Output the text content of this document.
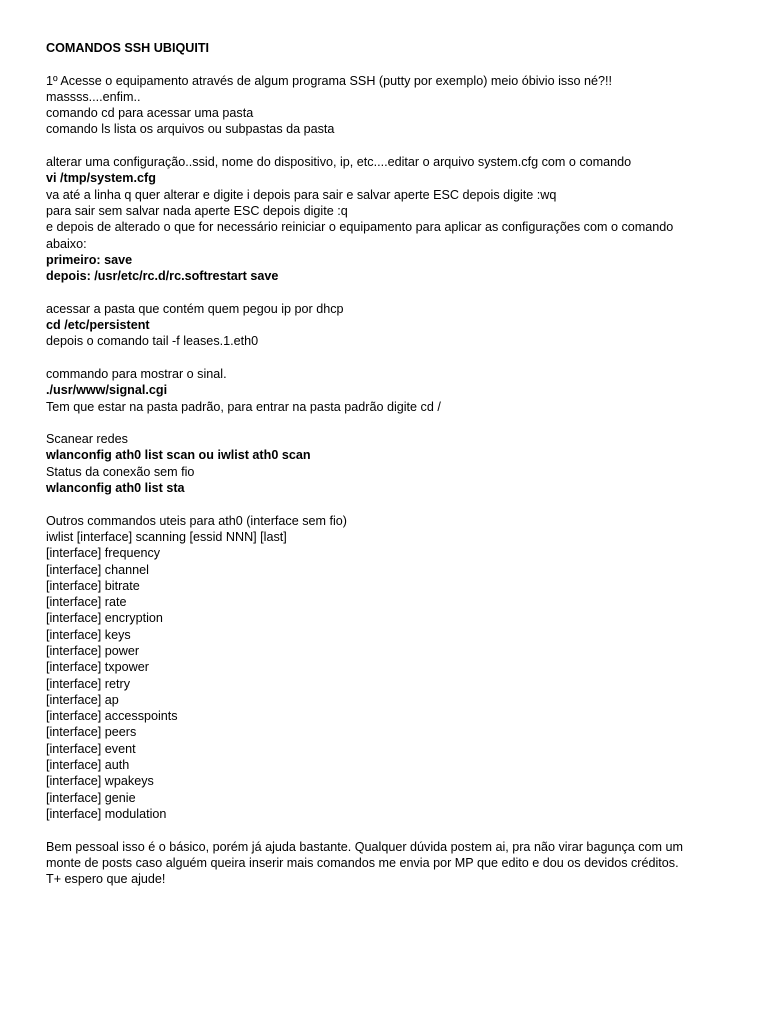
COMANDOS SSH UBIQUITI

1º Acesse o equipamento através de algum programa SSH (putty por exemplo) meio óbivio isso né?!!

massss....enfim..

comando cd para acessar uma pasta

comando ls lista os arquivos ou subpastas da pasta

alterar uma configuração..ssid, nome do dispositivo, ip, etc....editar o arquivo system.cfg com o comando

vi /tmp/system.cfg

va até a linha q quer alterar e digite i depois para sair e salvar aperte ESC depois digite :wq

para sair sem salvar nada aperte ESC depois digite :q

e depois de alterado o que for necessário reiniciar o equipamento para aplicar as configurações com o comando

abaixo:

primeiro: save

depois: /usr/etc/rc.d/rc.softrestart save

acessar a pasta que contém quem pegou ip por dhcp

cd /etc/persistent

depois o comando tail -f leases.1.eth0

commando para mostrar o sinal.

./usr/www/signal.cgi

Tem que estar na pasta padrão, para entrar na pasta padrão digite cd /

Scanear redes

wlanconfig ath0 list scan ou iwlist ath0 scan

Status da conexão sem fio

wlanconfig ath0 list sta

Outros commandos uteis para ath0 (interface sem fio)

iwlist [interface] scanning [essid NNN] [last]

[interface] frequency

[interface] channel

[interface] bitrate

[interface] rate

[interface] encryption

[interface] keys

[interface] power

[interface] txpower

[interface] retry

[interface] ap

[interface] accesspoints

[interface] peers

[interface] event

[interface] auth

[interface] wpakeys

[interface] genie

[interface] modulation

Bem pessoal isso é o básico, porém já ajuda bastante. Qualquer dúvida postem ai, pra não virar bagunça com um

monte de posts caso alguém queira inserir mais comandos me envia por MP que edito e dou os devidos créditos.

T+ espero que ajude!
